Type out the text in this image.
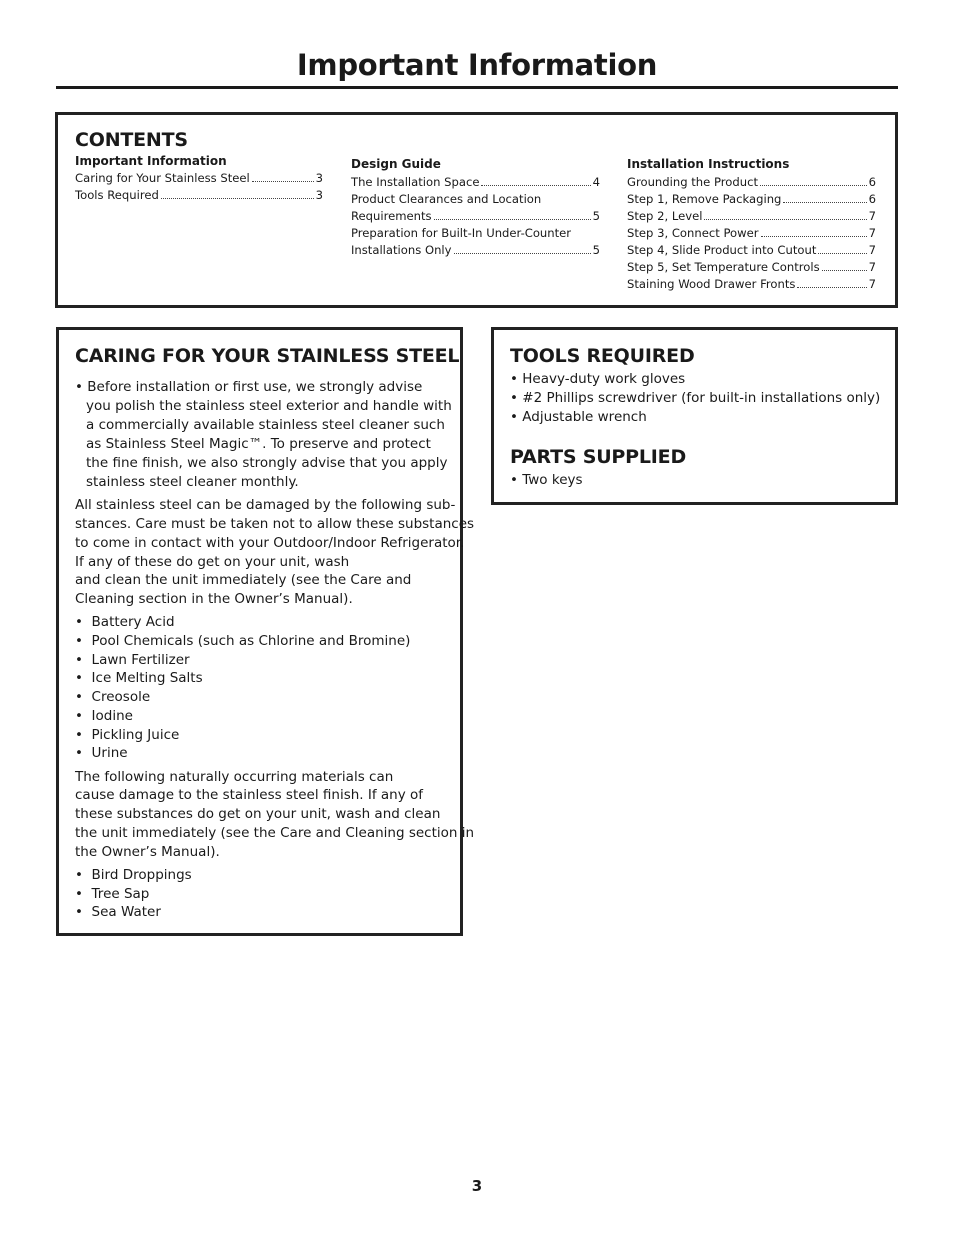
Important Information
CONTENTS
Important Information
Caring for Your Stainless Steel	3
Tools Required	3
Design Guide
The Installation Space	4
Product Clearances and Location
Requirements	5
Preparation for Built-In Under-Counter
Installations Only	5
Installation Instructions
Grounding the Product	6
Step 1, Remove Packaging	6
Step 2, Level	7
Step 3, Connect Power	7
Step 4, Slide Product into Cutout	7
Step 5, Set Temperature Controls	7
Staining Wood Drawer Fronts	7
CARING FOR YOUR STAINLESS STEEL
• Before installation or first use, we strongly advise
you polish the stainless steel exterior and handle with
a commercially available stainless steel cleaner such
as Stainless Steel Magic™. To preserve and protect
the fine finish, we also strongly advise that you apply
stainless steel cleaner monthly.
All stainless steel can be damaged by the following sub-
stances. Care must be taken not to allow these substances
to come in contact with your Outdoor/Indoor Refrigerator.
If any of these do get on your unit, wash
and clean the unit immediately (see the Care and
Cleaning section in the Owner’s Manual).
•  Battery Acid
•  Pool Chemicals (such as Chlorine and Bromine)
•  Lawn Fertilizer
•  Ice Melting Salts
•  Creosole
•  Iodine
•  Pickling Juice
•  Urine
The following naturally occurring materials can
cause damage to the stainless steel finish. If any of
these substances do get on your unit, wash and clean
the unit immediately (see the Care and Cleaning section in
the Owner’s Manual).
•  Bird Droppings
•  Tree Sap
•  Sea Water
TOOLS REQUIRED
• Heavy-duty work gloves
• #2 Phillips screwdriver (for built-in installations only)
• Adjustable wrench
PARTS SUPPLIED
• Two keys
3
